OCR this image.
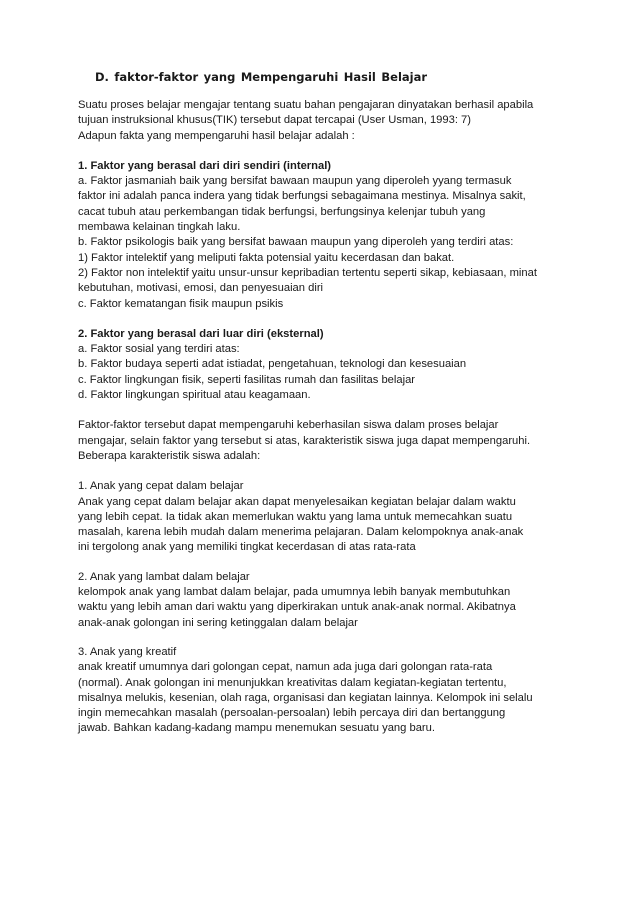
D. faktor-faktor yang Mempengaruhi Hasil Belajar
Suatu proses belajar mengajar tentang suatu bahan pengajaran dinyatakan berhasil apabila
tujuan instruksional khusus(TIK) tersebut dapat tercapai (User Usman, 1993: 7)
Adapun fakta yang mempengaruhi hasil belajar adalah :
1. Faktor yang berasal dari diri sendiri (internal)
a. Faktor jasmaniah baik yang bersifat bawaan maupun yang diperoleh yyang termasuk
faktor ini adalah panca indera yang tidak berfungsi sebagaimana mestinya. Misalnya sakit,
cacat tubuh atau perkembangan tidak berfungsi, berfungsinya kelenjar tubuh yang
membawa kelainan tingkah laku.
b. Faktor psikologis baik yang bersifat bawaan maupun yang diperoleh yang terdiri atas:
1) Faktor intelektif yang meliputi fakta potensial yaitu kecerdasan dan bakat.
2) Faktor non intelektif yaitu unsur-unsur kepribadian tertentu seperti sikap, kebiasaan, minat
kebutuhan, motivasi, emosi, dan penyesuaian diri
c. Faktor kematangan fisik maupun psikis
2. Faktor yang berasal dari luar diri (eksternal)
a. Faktor sosial yang terdiri atas:
b. Faktor budaya seperti adat istiadat, pengetahuan, teknologi dan kesesuaian
c. Faktor lingkungan fisik, seperti fasilitas rumah dan fasilitas belajar
d. Faktor lingkungan spiritual atau keagamaan.
Faktor-faktor tersebut dapat mempengaruhi keberhasilan siswa dalam proses belajar
mengajar, selain faktor yang tersebut si atas, karakteristik siswa juga dapat mempengaruhi.
Beberapa karakteristik siswa adalah:
1. Anak yang cepat dalam belajar
Anak yang cepat dalam belajar akan dapat menyelesaikan kegiatan belajar dalam waktu
yang lebih cepat. Ia tidak akan memerlukan waktu yang lama untuk memecahkan suatu
masalah, karena lebih mudah dalam menerima pelajaran. Dalam kelompoknya anak-anak
ini tergolong anak yang memiliki tingkat kecerdasan di atas rata-rata
2. Anak yang lambat dalam belajar
kelompok anak yang lambat dalam belajar, pada umumnya lebih banyak membutuhkan
waktu yang lebih aman dari waktu yang diperkirakan untuk anak-anak normal. Akibatnya
anak-anak golongan ini sering ketinggalan dalam belajar
3. Anak yang kreatif
anak kreatif umumnya dari golongan cepat, namun ada juga dari golongan rata-rata
(normal). Anak golongan ini menunjukkan kreativitas dalam kegiatan-kegiatan tertentu,
misalnya melukis, kesenian, olah raga, organisasi dan kegiatan lainnya. Kelompok ini selalu
ingin memecahkan masalah (persoalan-persoalan) lebih percaya diri dan bertanggung
jawab. Bahkan kadang-kadang mampu menemukan sesuatu yang baru.
